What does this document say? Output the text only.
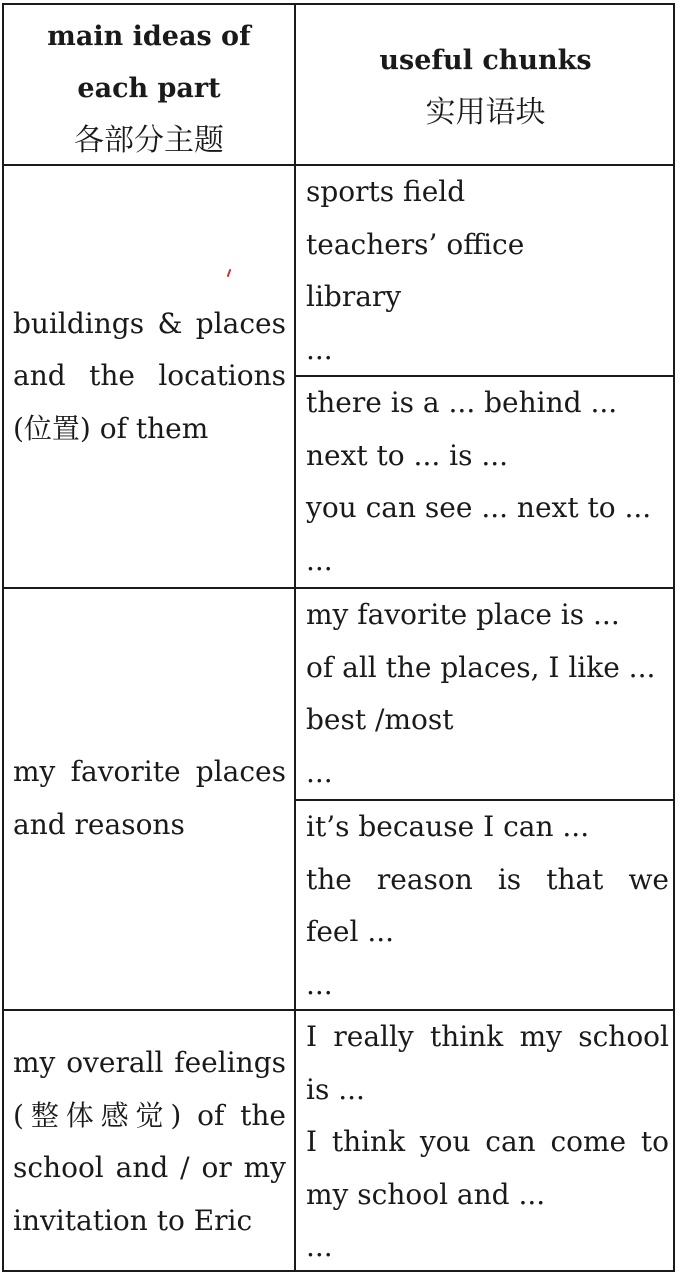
main ideas of
each part
各部分主题
useful chunks
实用语块
buildings & places
and the locations
(位置) of them
sports field
teachers’ office
library
...
there is a ... behind ...
next to ... is ...
you can see ... next to ...
...
my favorite places
and reasons
my favorite place is ...
of all the places, I like ...
best /most
...
it’s because I can ...
the reason is that we
feel ...
...
my overall feelings
(整体感觉) of the
school and / or my
invitation to Eric
I really think my school
is ...
I think you can come to
my school and ...
...
